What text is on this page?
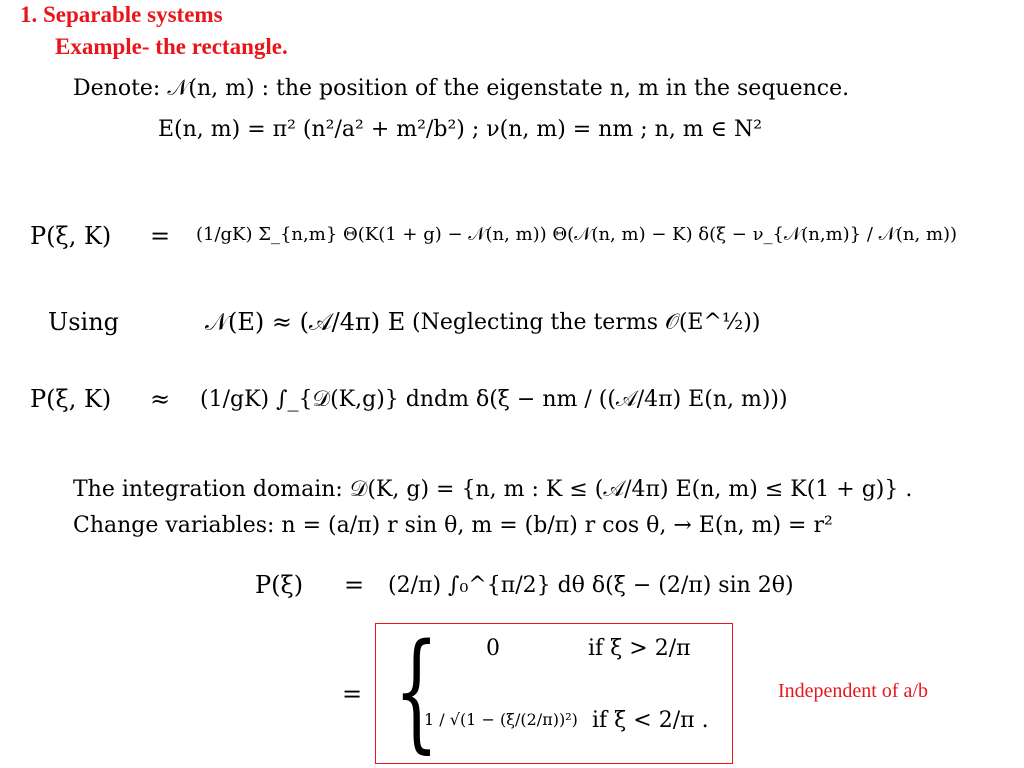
1. Separable systems
Example- the rectangle.
Denote: 𝒩(n, m) : the position of the eigenstate n, m in the sequence.
E(n, m) = π² (n²/a² + m²/b²) ; ν(n, m) = nm ; n, m ∈ N²
P(ξ, K) = (1/gK) Σ_{n,m} Θ(K(1 + g) − 𝒩(n, m)) Θ(𝒩(n, m) − K) δ(ξ − ν_{𝒩(n,m)} / 𝒩(n, m))
Using	𝒩(E) ≈ (𝒜/4π) E (Neglecting the terms 𝒪(E^½))
P(ξ, K) ≈ (1/gK) ∫_{𝒟(K,g)} dndm δ(ξ − nm / ((𝒜/4π) E(n, m)))
The integration domain: 𝒟(K, g) = {n, m : K ≤ (𝒜/4π) E(n, m) ≤ K(1 + g)} .
Change variables: n = (a/π) r sin θ, m = (b/π) r cos θ, → E(n, m) = r²
P(ξ) = (2/π) ∫₀^{π/2} dθ δ(ξ − (2/π) sin 2θ)
= { 0	if ξ > 2/π
1 / √(1 − (ξ/(2/π))²) if ξ < 2/π .
Independent of a/b
